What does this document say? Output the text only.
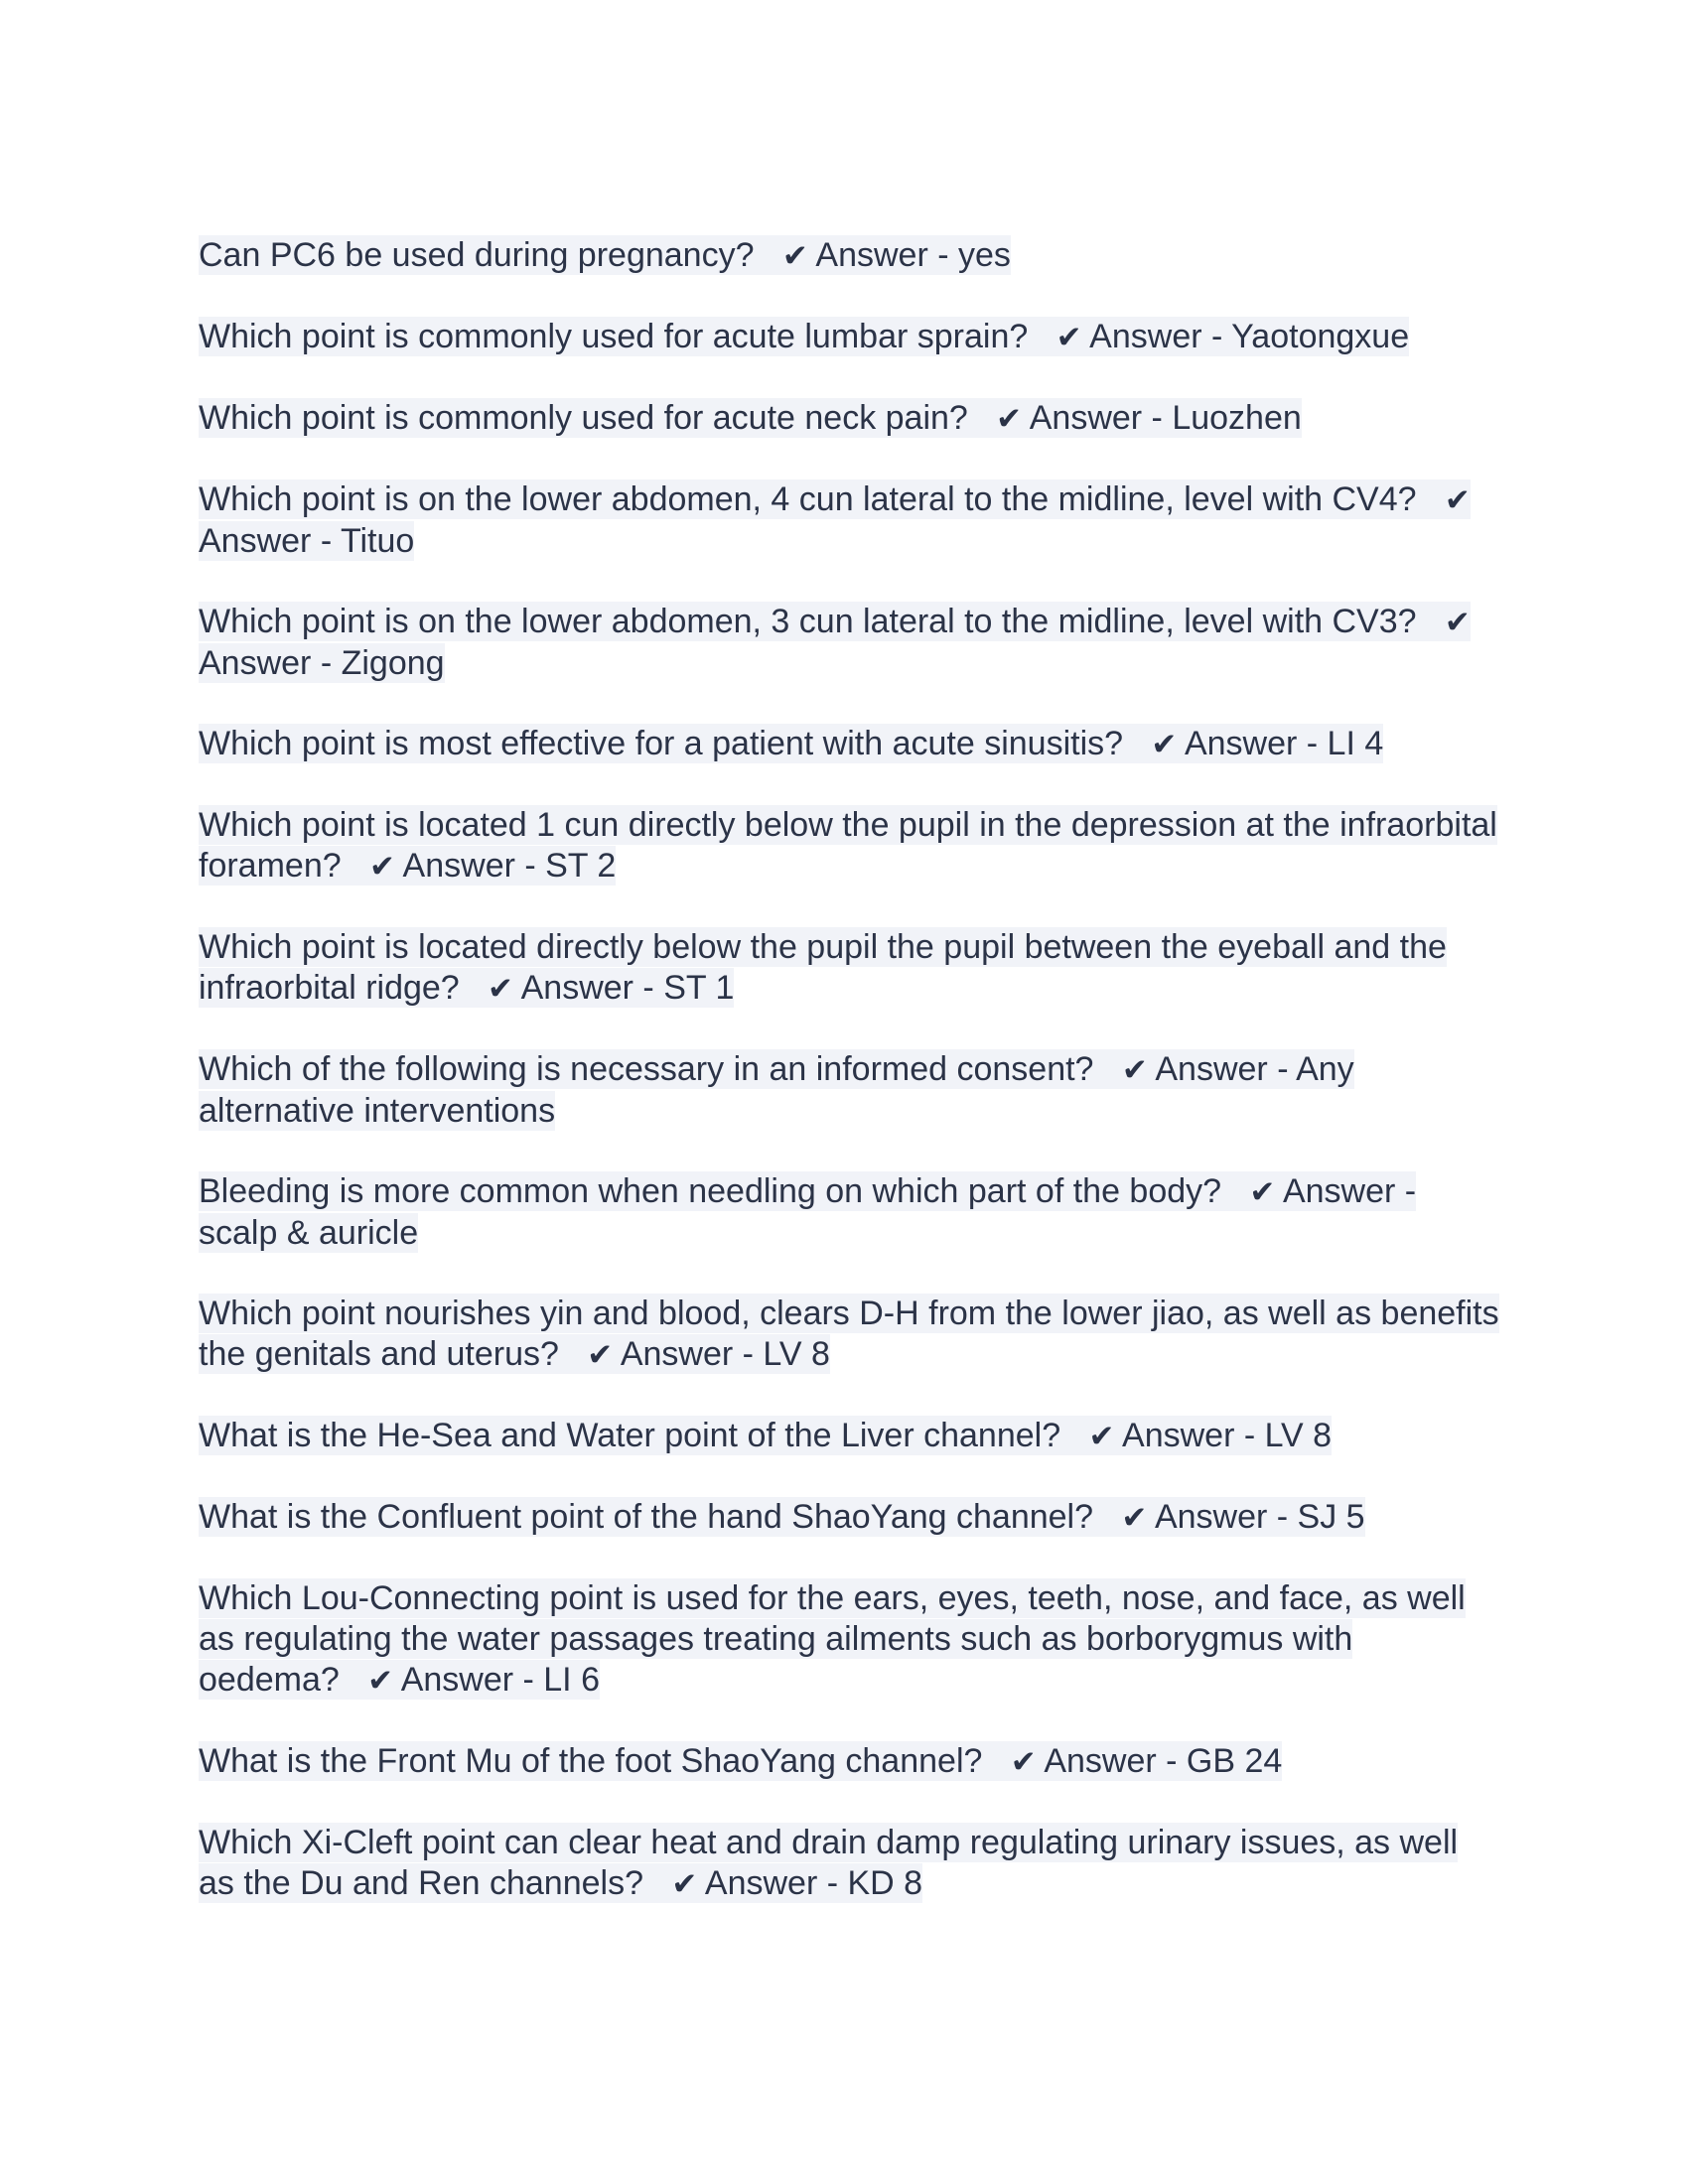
Can PC6 be used during pregnancy? ✔ Answer - yes

Which point is commonly used for acute lumbar sprain? ✔ Answer - Yaotongxue

Which point is commonly used for acute neck pain? ✔ Answer - Luozhen

Which point is on the lower abdomen, 4 cun lateral to the midline, level with CV4? ✔ Answer - Tituo

Which point is on the lower abdomen, 3 cun lateral to the midline, level with CV3? ✔ Answer - Zigong

Which point is most effective for a patient with acute sinusitis? ✔ Answer - LI 4

Which point is located 1 cun directly below the pupil in the depression at the infraorbital foramen? ✔ Answer - ST 2

Which point is located directly below the pupil the pupil between the eyeball and the infraorbital ridge? ✔ Answer - ST 1

Which of the following is necessary in an informed consent? ✔ Answer - Any alternative interventions

Bleeding is more common when needling on which part of the body? ✔ Answer - scalp & auricle

Which point nourishes yin and blood, clears D-H from the lower jiao, as well as benefits the genitals and uterus? ✔ Answer - LV 8

What is the He-Sea and Water point of the Liver channel? ✔ Answer - LV 8

What is the Confluent point of the hand ShaoYang channel? ✔ Answer - SJ 5

Which Lou-Connecting point is used for the ears, eyes, teeth, nose, and face, as well as regulating the water passages treating ailments such as borborygmus with oedema? ✔ Answer - LI 6

What is the Front Mu of the foot ShaoYang channel? ✔ Answer - GB 24

Which Xi-Cleft point can clear heat and drain damp regulating urinary issues, as well as the Du and Ren channels? ✔ Answer - KD 8
